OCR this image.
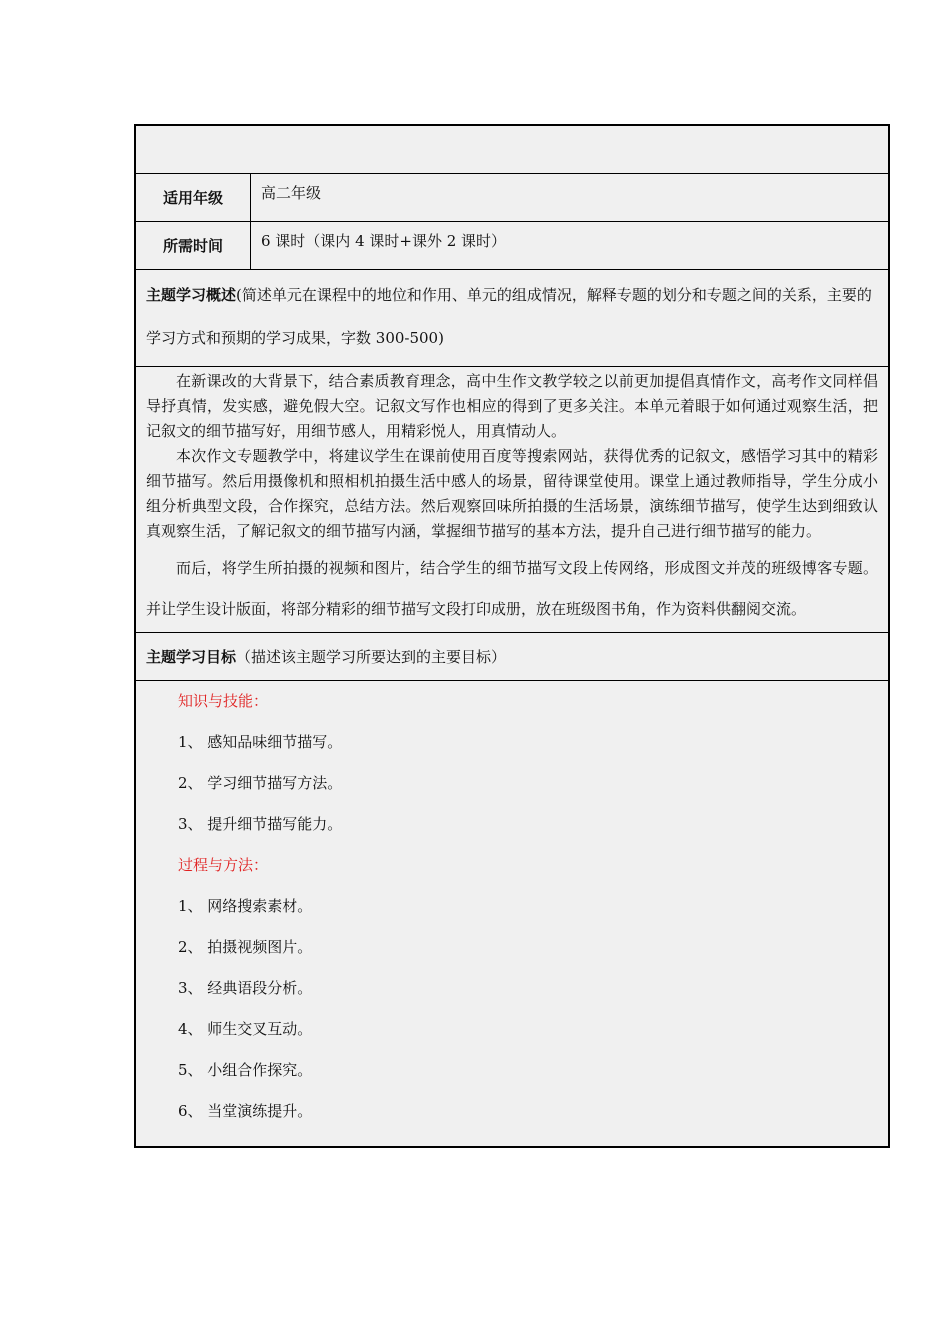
适用年级	高二年级
所需时间	6 课时（课内 4 课时+课外 2 课时）
主题学习概述(简述单元在课程中的地位和作用、单元的组成情况，解释专题的划分和专题之间的关系，主要的学习方式和预期的学习成果，字数 300-500)

在新课改的大背景下，结合素质教育理念，高中生作文教学较之以前更加提倡真情作文，高考作文同样倡导抒真情，发实感，避免假大空。记叙文写作也相应的得到了更多关注。本单元着眼于如何通过观察生活，把记叙文的细节描写好，用细节感人，用精彩悦人，用真情动人。

本次作文专题教学中，将建议学生在课前使用百度等搜索网站，获得优秀的记叙文，感悟学习其中的精彩细节描写。然后用摄像机和照相机拍摄生活中感人的场景，留待课堂使用。课堂上通过教师指导，学生分成小组分析典型文段，合作探究，总结方法。然后观察回味所拍摄的生活场景，演练细节描写，使学生达到细致认真观察生活，了解记叙文的细节描写内涵，掌握细节描写的基本方法，提升自己进行细节描写的能力。

而后，将学生所拍摄的视频和图片，结合学生的细节描写文段上传网络，形成图文并茂的班级博客专题。并让学生设计版面，将部分精彩的细节描写文段打印成册，放在班级图书角，作为资料供翻阅交流。

主题学习目标 （描述该主题学习所要达到的主要目标）
知识与技能：
1、 感知品味细节描写。
2、 学习细节描写方法。
3、 提升细节描写能力。
过程与方法：
1、 网络搜索素材。
2、 拍摄视频图片。
3、 经典语段分析。
4、 师生交叉互动。
5、 小组合作探究。
6、 当堂演练提升。
